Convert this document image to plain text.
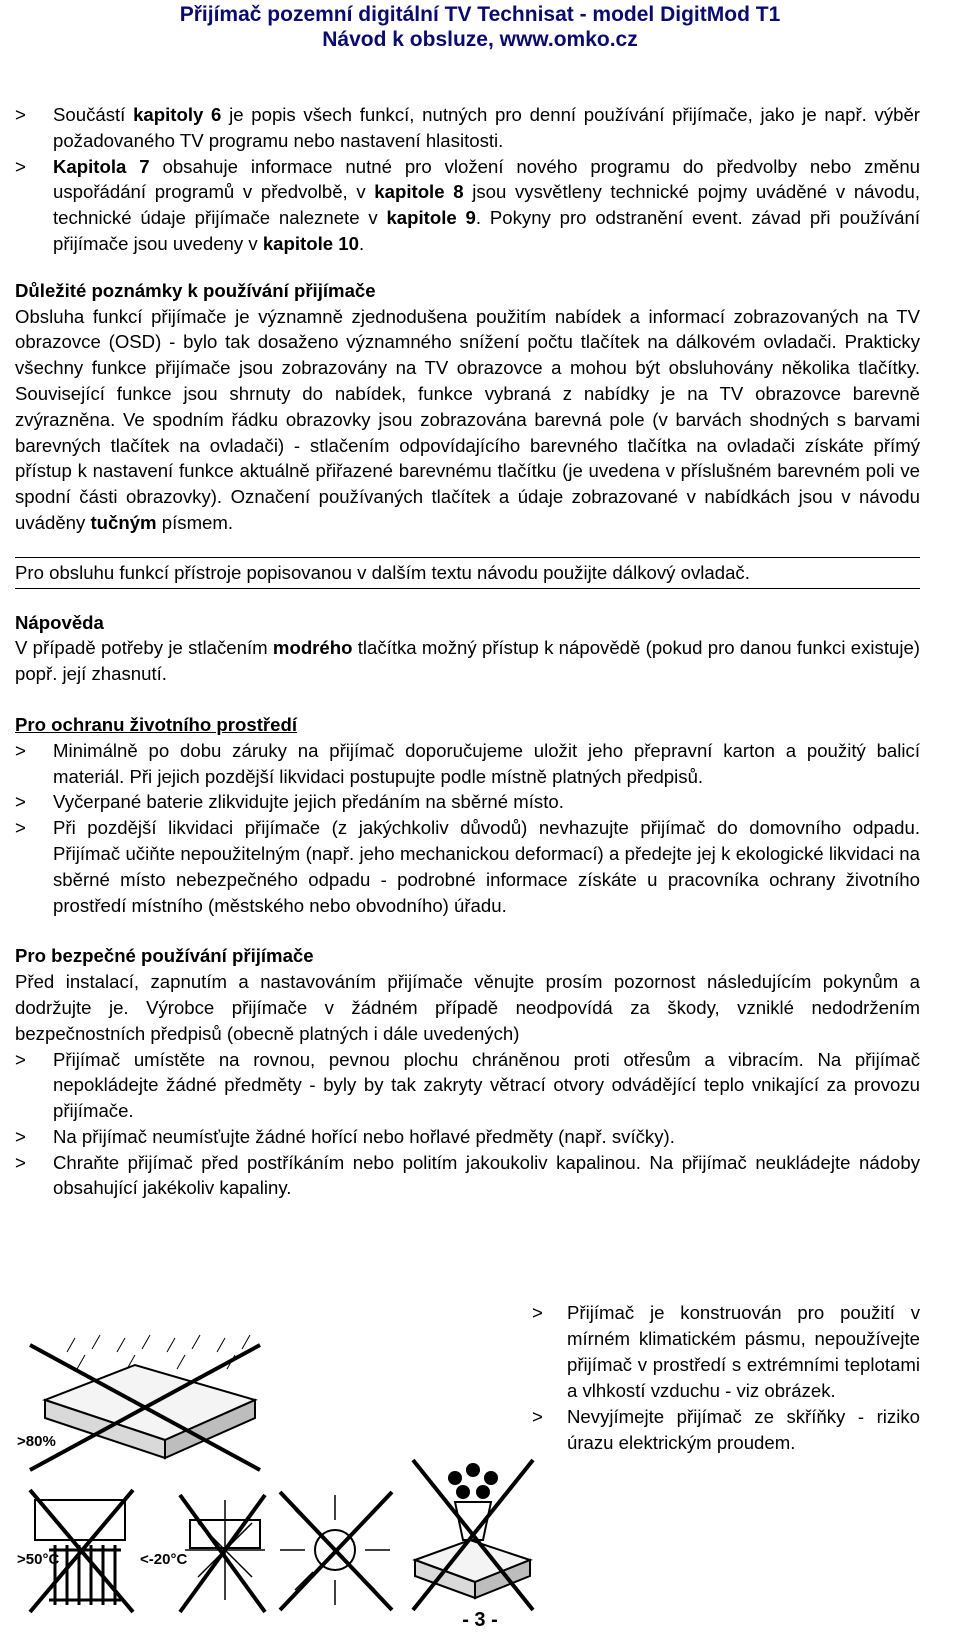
Přijímač pozemní digitální TV Technisat - model DigitMod T1
Návod k obsluze, www.omko.cz
> Součástí kapitoly 6 je popis všech funkcí, nutných pro denní používání přijímače, jako je např. výběr požadovaného TV programu nebo nastavení hlasitosti.
> Kapitola 7 obsahuje informace nutné pro vložení nového programu do předvolby nebo změnu uspořádání programů v předvolbě, v kapitole 8 jsou vysvětleny technické pojmy uváděné v návodu, technické údaje přijímače naleznete v kapitole 9. Pokyny pro odstranění event. závad při používání přijímače jsou uvedeny v kapitole 10.

Důležité poznámky k používání přijímače

Obsluha funkcí přijímače je významně zjednodušena použitím nabídek a informací zobrazovaných na TV obrazovce (OSD) - bylo tak dosaženo významného snížení počtu tlačítek na dálkovém ovladači. Prakticky všechny funkce přijímače jsou zobrazovány na TV obrazovce a mohou být obsluhovány několika tlačítky. Související funkce jsou shrnuty do nabídek, funkce vybraná z nabídky je na TV obrazovce barevně zvýrazněna. Ve spodním řádku obrazovky jsou zobrazována barevná pole (v barvách shodných s barvami barevných tlačítek na ovladači) - stlačením odpovídajícího barevného tlačítka na ovladači získáte přímý přístup k nastavení funkce aktuálně přiřazené barevnému tlačítku (je uvedena v příslušném barevném poli ve spodní části obrazovky). Označení používaných tlačítek a údaje zobrazované v nabídkách jsou v návodu uváděny tučným písmem.

Pro obsluhu funkcí přístroje popisovanou v dalším textu návodu použijte dálkový ovladač.

Nápověda

V případě potřeby je stlačením modrého tlačítka možný přístup k nápovědě (pokud pro danou funkci existuje) popř. její zhasnutí.

Pro ochranu životního prostředí

> Minimálně po dobu záruky na přijímač doporučujeme uložit jeho přepravní karton a použitý balicí materiál. Při jejich pozdější likvidaci postupujte podle místně platných předpisů.
> Vyčerpané baterie zlikvidujte jejich předáním na sběrné místo.
> Při pozdější likvidaci přijímače (z jakýchkoliv důvodů) nevhazujte přijímač do domovního odpadu. Přijímač učiňte nepoužitelným (např. jeho mechanickou deformací) a předejte jej k ekologické likvidaci na sběrné místo nebezpečného odpadu - podrobné informace získáte u pracovníka ochrany životního prostředí místního (městského nebo obvodního) úřadu.

Pro bezpečné používání přijímače

Před instalací, zapnutím a nastavováním přijímače věnujte prosím pozornost následujícím pokynům a dodržujte je. Výrobce přijímače v žádném případě neodpovídá za škody, vzniklé nedodržením bezpečnostních předpisů (obecně platných i dále uvedených)

> Přijímač umístěte na rovnou, pevnou plochu chráněnou proti otřesům a vibracím. Na přijímač nepokládejte žádné předměty - byly by tak zakryty větrací otvory odvádějící teplo vnikající za provozu přijímače.
> Na přijímač neumísťujte žádné hořící nebo hořlavé předměty (např. svíčky).
> Chraňte přijímač před postříkáním nebo politím jakoukoliv kapalinou. Na přijímač neukládejte nádoby obsahující jakékoliv kapaliny.
>80%
>50°C	<-20°C
> Přijímač je konstruován pro použití v mírném klimatickém pásmu, nepoužívejte přijímač v prostředí s extrémními teplotami a vlhkostí vzduchu - viz obrázek.
> Nevyjímejte přijímač ze skříňky - riziko úrazu elektrickým proudem.
- 3 -
